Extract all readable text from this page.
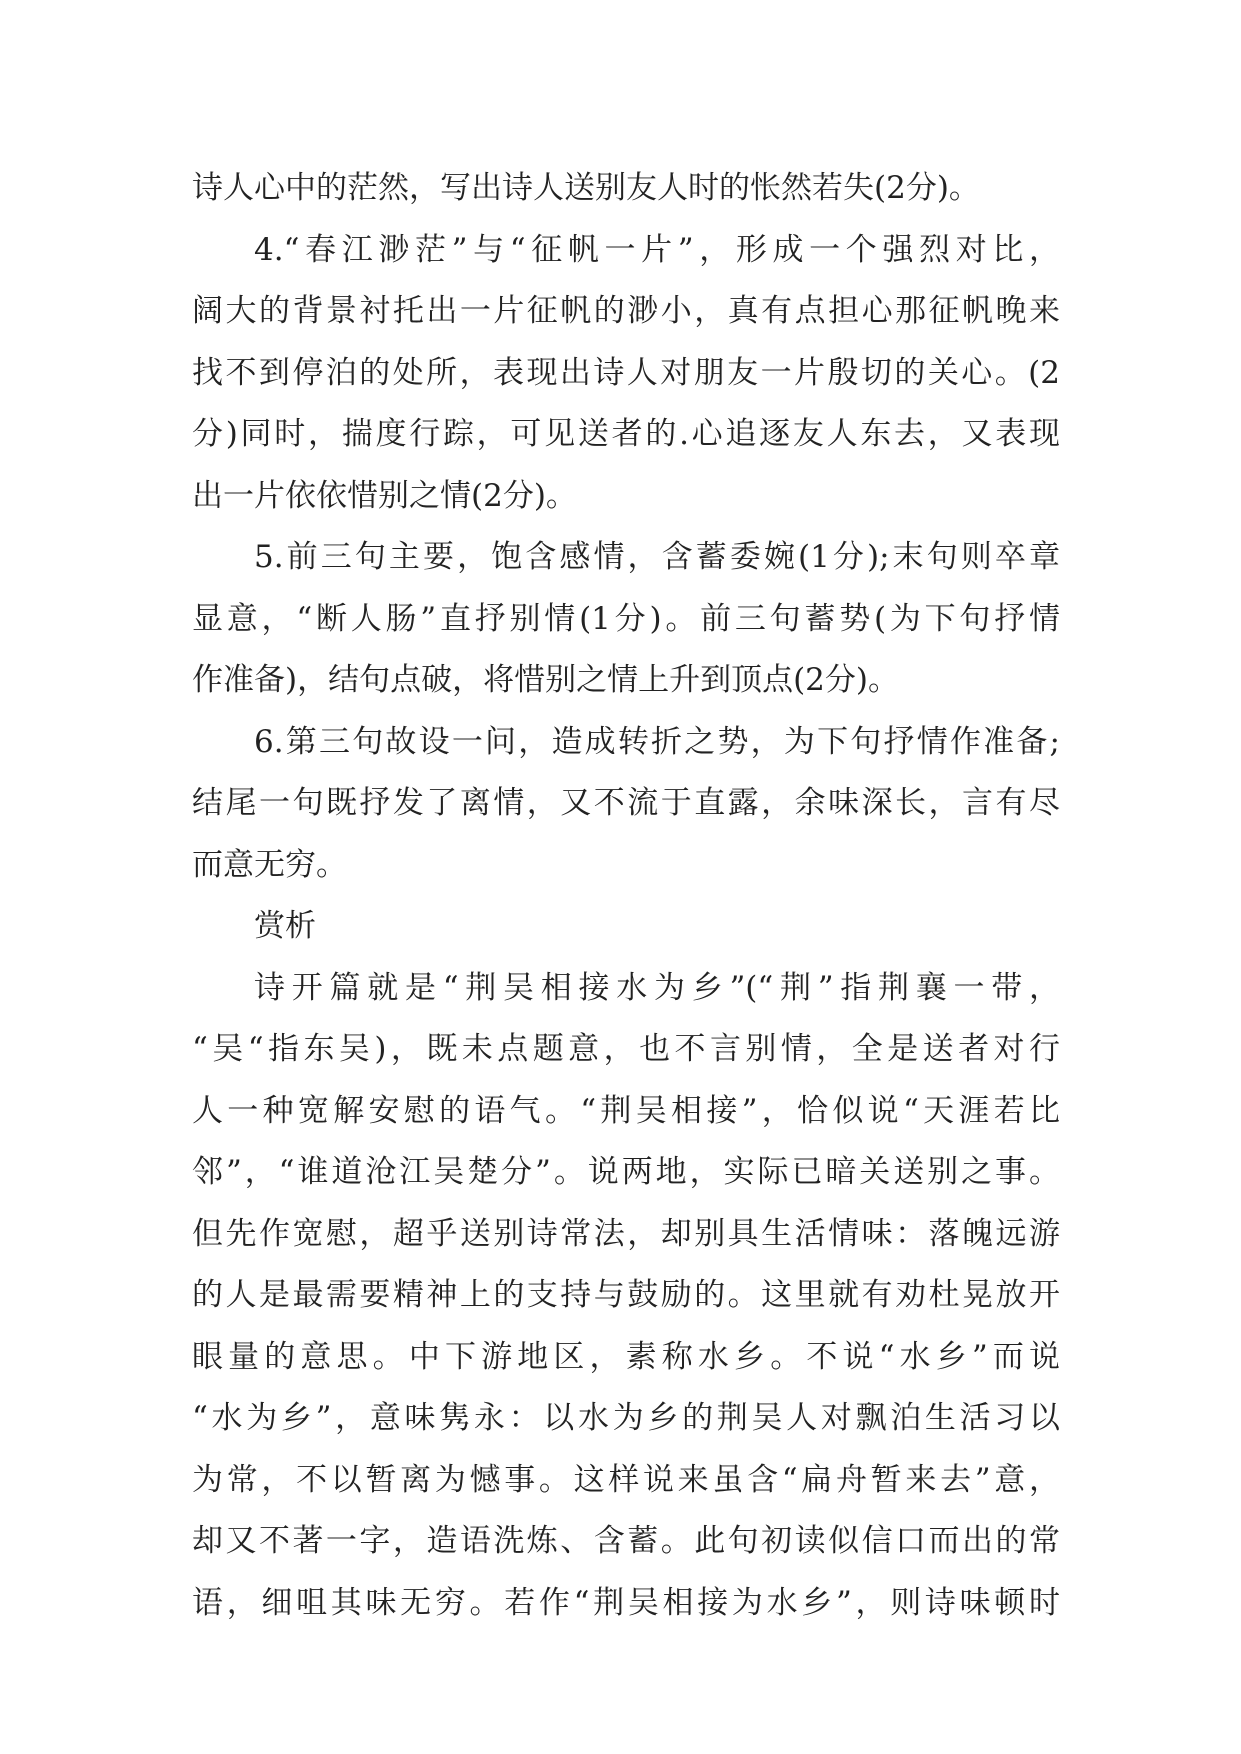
诗人心中的茫然，写出诗人送别友人时的怅然若失(2分)。
4.“春江渺茫”与“征帆一片”，形成一个强烈对比，
阔大的背景衬托出一片征帆的渺小，真有点担心那征帆晚来
找不到停泊的处所，表现出诗人对朋友一片殷切的关心。(2
分)同时，揣度行踪，可见送者的.心追逐友人东去，又表现
出一片依依惜别之情(2分)。
5.前三句主要，饱含感情，含蓄委婉(1分);末句则卒章
显意，“断人肠”直抒别情(1分)。前三句蓄势(为下句抒情
作准备)，结句点破，将惜别之情上升到顶点(2分)。
6.第三句故设一问，造成转折之势，为下句抒情作准备;
结尾一句既抒发了离情，又不流于直露，余味深长，言有尽
而意无穷。
赏析
诗开篇就是“荆吴相接水为乡”(“荆”指荆襄一带，
“吴“指东吴)，既未点题意，也不言别情，全是送者对行
人一种宽解安慰的语气。“荆吴相接”，恰似说“天涯若比
邻”，“谁道沧江吴楚分”。说两地，实际已暗关送别之事。
但先作宽慰，超乎送别诗常法，却别具生活情味：落魄远游
的人是最需要精神上的支持与鼓励的。这里就有劝杜晃放开
眼量的意思。中下游地区，素称水乡。不说“水乡”而说
“水为乡”，意味隽永：以水为乡的荆吴人对飘泊生活习以
为常，不以暂离为憾事。这样说来虽含“扁舟暂来去”意，
却又不著一字，造语洗炼、含蓄。此句初读似信口而出的常
语，细咀其味无穷。若作“荆吴相接为水乡”，则诗味顿时
